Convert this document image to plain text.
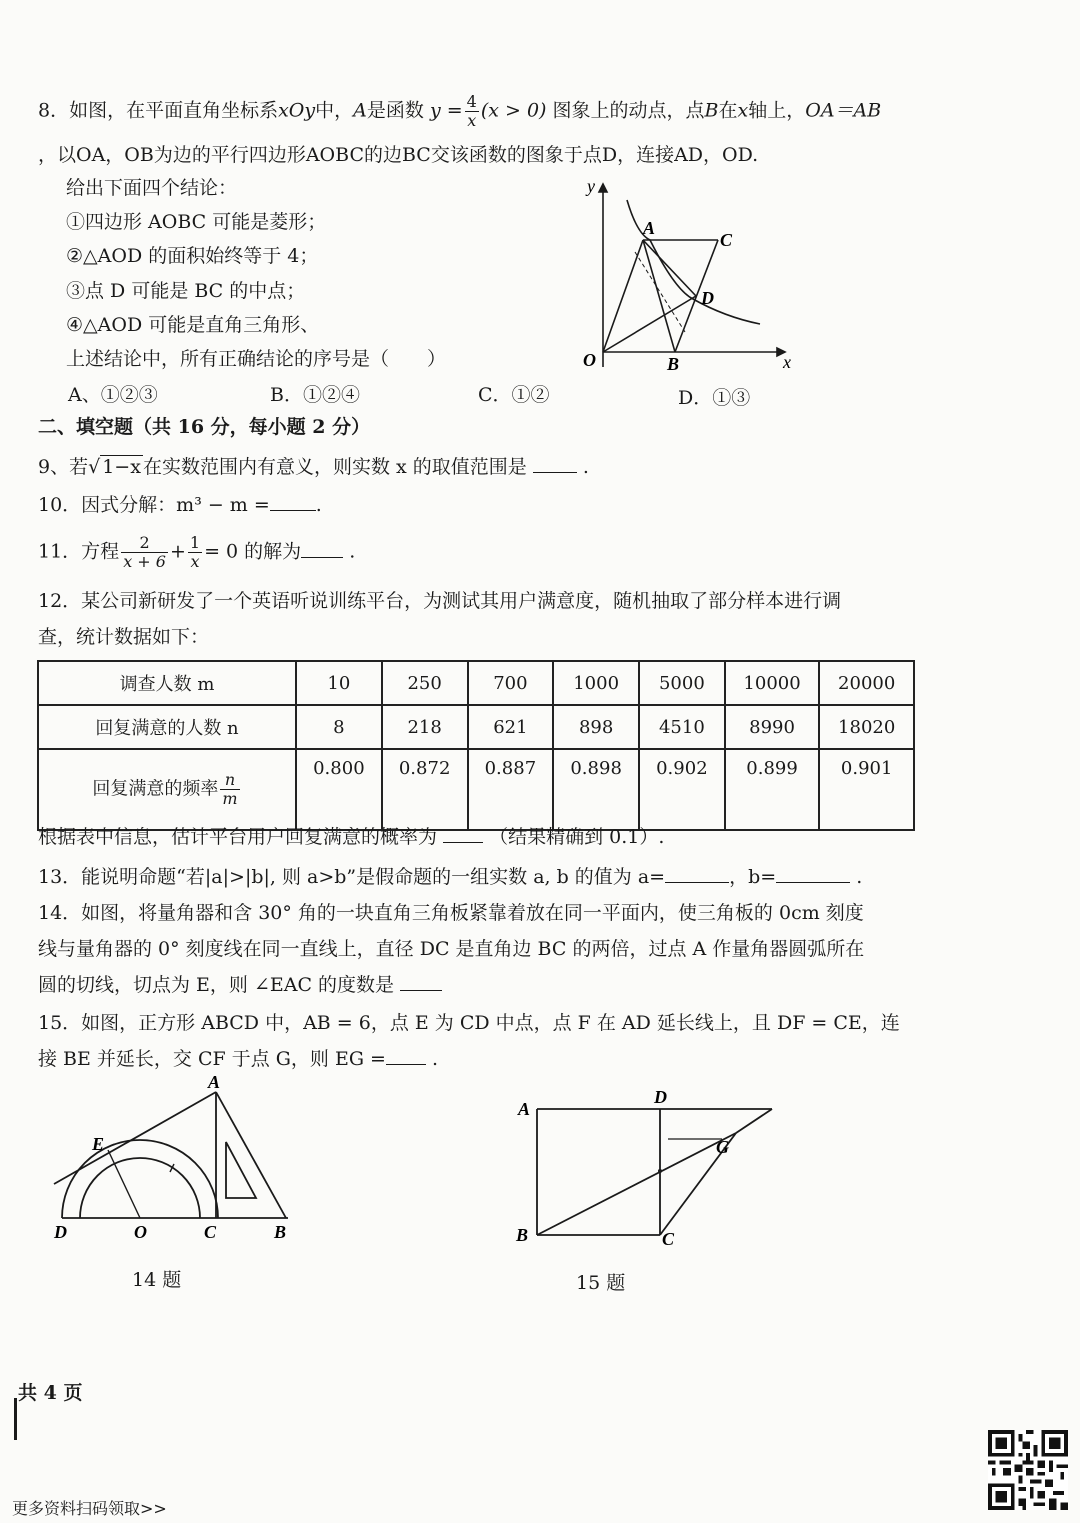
8．如图，在平面直角坐标系xOy中，A是函数 $y = \frac{4}{x} (x > 0)$ 图象上的动点，点B在x轴上，OA＝AB
，以OA，OB为边的平行四边形AOBC的边BC交该函数的图象于点D，连接AD，OD.
给出下面四个结论：
①四边形 AOBC 可能是菱形；
②△AOD 的面积始终等于 4；
③点 D 可能是 BC 的中点；
④△AOD 可能是直角三角形、
上述结论中，所有正确结论的序号是（　　）
A、①②③	B．①②④	C．①②	D．①③
y
x
O
A
B
C
D
二、填空题（共 16 分，每小题 2 分）
9、若√ 1−x 在实数范围内有意义，则实数 x 的取值范围是	.
10．因式分解：m³ − m = .
11．方程 $\frac{2}{x + 6} + \frac{1}{x} = 0$ 的解为	.
12．某公司新研发了一个英语听说训练平台，为测试其用户满意度，随机抽取了部分样本进行调
查，统计数据如下：
调查人数 m	10	250	700	1000	5000	10000	20000
回复满意的人数 n	8	218	621	898	4510	8990	18020
回复满意的频率 $\frac{n}{m}$	0.800	0.872	0.887	0.898	0.902	0.899	0.901
根据表中信息，估计平台用户回复满意的概率为	（结果精确到 0.1）.
13．能说明命题“若|a|>|b|, 则 a>b”是假命题的一组实数 a, b 的值为 a=	，b=	.
14．如图，将量角器和含 30° 角的一块直角三角板紧靠着放在同一平面内，使三角板的 0cm 刻度
线与量角器的 0° 刻度线在同一直线上，直径 DC 是直角边 BC 的两倍，过点 A 作量角器圆弧所在
圆的切线，切点为 E，则 ∠EAC 的度数是
15．如图，正方形 ABCD 中，AB = 6，点 E 为 CD 中点，点 F 在 AD 延长线上，且 DF = CE，连
接 BE 并延长，交 CF 于点 G，则 EG = .
A
E
D	O	C	B
14 题
A
D
G
B	C
15 题
共 4 页
更多资料扫码领取>>
